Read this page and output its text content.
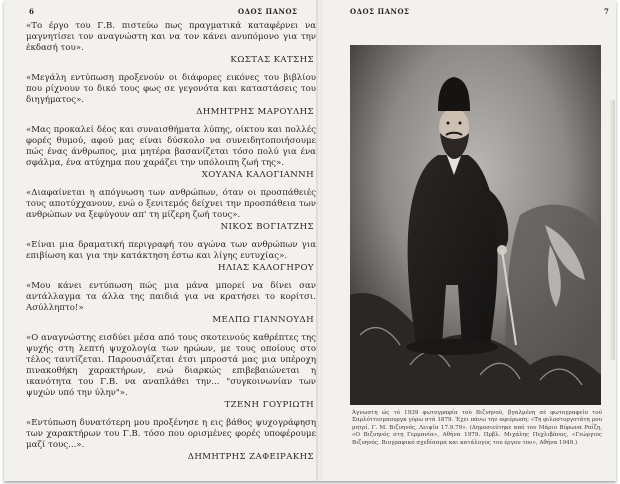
6	ΟΔΟΣ ΠΑΝΟΣ

«Το έργο του Γ.Β. πιστεύω πως πραγματικά καταφέρνει να μαγνητίσει τον αναγνώστη και να τον κάνει ανυπόμονο για την έκδασή του».

ΚΩΣΤΑΣ ΚΑΤΣΗΣ

«Μεγάλη εντύπωση προξενούν οι διάφορες εικόνες του βιβλίου που ρίχνουν το δικό τους φως σε γεγονότα και καταστάσεις του διηγήματος».

ΔΗΜΗΤΡΗΣ ΜΑΡΟΥΛΗΣ

«Μας προκαλεί δέος και συναισθήματα λύπης, οίκτου και πολλές φορές θυμού, αφού μας είναι δύσκολο να συνειδητοποιήσουμε πώς ένας άνθρωπος, μια μητέρα βασανίζεται τόσο πολύ για ένα σφάλμα, ένα ατύχημα που χαράζει την υπόλοιπη ζωή της».

ΧΟΥΑΝΑ ΚΑΛΟΓΙΑΝΝΗ

«Διαφαίνεται η απόγνωση των ανθρώπων, όταν οι προσπάθειές τους αποτύχχανουν, ενώ ο ξενιτεμός δείχνει την προσπάθεια των ανθρώπων να ξεφύγουν απ' τη μίζερη ζωή τους».

ΝΙΚΟΣ ΒΟΓΙΑΤΖΗΣ

«Είναι μια δραματική περιγραφή του αγώνα των ανθρώπων για επιβίωση και για την κατάκτηση έστω και λίγης ευτυχίας».

ΗΛΙΑΣ ΚΑΛΟΓΗΡΟΥ

«Μου κάνει εντύπωση πώς μια μάνα μπορεί να δίνει σαν αντάλλαγμα τα άλλα της παιδιά για να κρατήσει το κορίτσι. Ασύλληπτο!»

ΜΕΛΠΩ ΓΙΑΝΝΟΥΔΗ

«Ο αναγνώστης εισδύει μέσα από τους σκοτεινούς καθρέπτες της ψυχής στη λεπτή ψυχολογία των ηρώων, με τους οποίους στο τέλος ταυτίζεται. Παρουσιάζεται έτσι μπροστά μας μια υπέροχη πινακοθήκη χαρακτήρων, ενώ διαρκώς επιβεβαιώνεται η ικανότητα του Γ.Β. να αναπλάθει την... "συγκοινωνίαν των ψυχών υπό την ύλην"».

ΤΖΕΝΗ ΓΟΥΡΙΩΤΗ

«Εντύπωση δυνατότερη μου προξένησε η εις βάθος ψυχογράφηση των χαρακτήρων του Γ.Β. τόσο που ορισμένες φορές υποφέρουμε μαζί τους...».

ΔΗΜΗΤΡΗΣ ΖΑΦΕΙΡΑΚΗΣ

ΟΔΟΣ ΠΑΝΟΣ	7
Άγνωστη ώς τό 1939 φωτογραφία τού Βιζυηνού, βγαλμένη σέ φωτογραφείο τού Σαρλόττενμπουργκ γύρω στά 1879. Έχει πάνω την αφιέρωση: «Τη φιλοστοργοτάτη μου μητρί. Γ. Μ. Βιζυηνός, Λειψία 17.9.79». (Δημοσιεύτηκε από τον Μάριο Βύρωνα Ραΐζη, «Ο Βιζυηνός στη Γερμανία», Αθήνα 1979. Πρβλ. Μιχάλης Πεχλιβάνος, «Γεώργιος Βιζυηνός. Βιογραφικό σχεδίασμα και κατάλογος του έργου του», Αθήνα 1949.)
